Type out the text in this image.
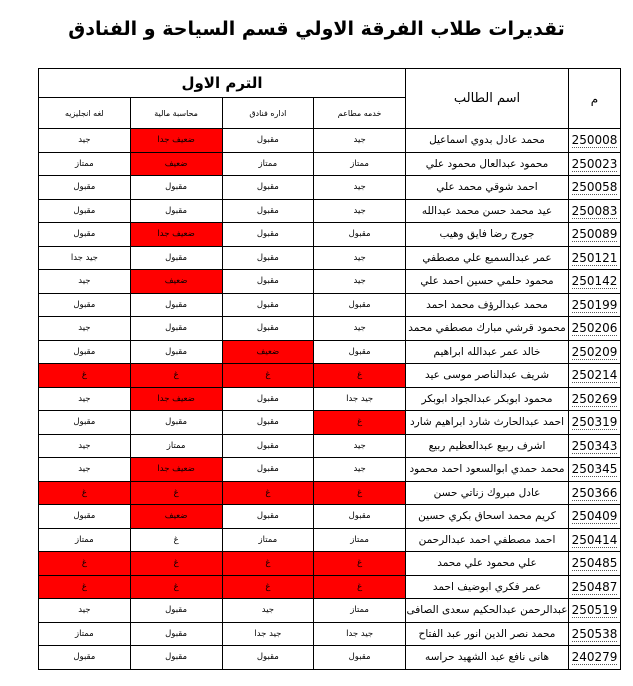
تقديرات طلاب الفرقة الاولي قسم السياحة و الفنادق
م	اسم الطالب	الترم الاول			
		خدمه مطاعم	اداره فنادق	محاسبة مالية	لغه انجليزيه
250008	محمد عادل بدوي اسماعيل	جيد	مقبول	ضعيف جدا	جيد
250023	محمود عبدالعال محمود علي	ممتاز	ممتاز	ضعيف	ممتاز
250058	احمد شوقي محمد علي	جيد	مقبول	مقبول	مقبول
250083	عيد محمد حسن محمد عبدالله	جيد	مقبول	مقبول	مقبول
250089	جورج رضا فايق وهيب	مقبول	مقبول	ضعيف جدا	مقبول
250121	عمر عبدالسميع علي مصطفي	جيد	مقبول	مقبول	جيد جدا
250142	محمود حلمي حسين احمد علي	جيد	مقبول	ضعيف	جيد
250199	محمد عبدالرؤف محمد احمد	مقبول	مقبول	مقبول	مقبول
250206	محمود قرشي مبارك مصطفي محمد	جيد	مقبول	مقبول	جيد
250209	خالد عمر عبدالله ابراهيم	مقبول	ضعيف	مقبول	مقبول
250214	شريف عبدالناصر موسى عيد	غ	غ	غ	غ
250269	محمود ابوبكر عبدالجواد ابوبكر	جيد جدا	مقبول	ضعيف جدا	جيد
250319	احمد عبدالحارث شارد ابراهيم شارد	غ	مقبول	مقبول	مقبول
250343	اشرف ربيع عبدالعظيم ربيع	جيد	مقبول	ممتاز	جيد
250345	محمد حمدي ابوالسعود احمد محمود	جيد	مقبول	ضعيف جدا	جيد
250366	عادل مبروك زناتي حسن	غ	غ	غ	غ
250409	كريم محمد اسحاق بكري حسين	مقبول	مقبول	ضعيف	مقبول
250414	احمد مصطفي احمد عبدالرحمن	ممتاز	ممتاز	غ	ممتاز
250485	علي محمود علي محمد	غ	غ	غ	غ
250487	عمر فكري ابوضيف احمد	غ	غ	غ	غ
250519	عبدالرحمن عبدالحكيم سعدى الصافى	ممتاز	جيد	مقبول	جيد
250538	محمد نصر الدين انور عبد الفتاح	جيد جدا	جيد جدا	مقبول	ممتاز
240279	هانى نافع عبد الشهيد حراسه	مقبول	مقبول	مقبول	مقبول
